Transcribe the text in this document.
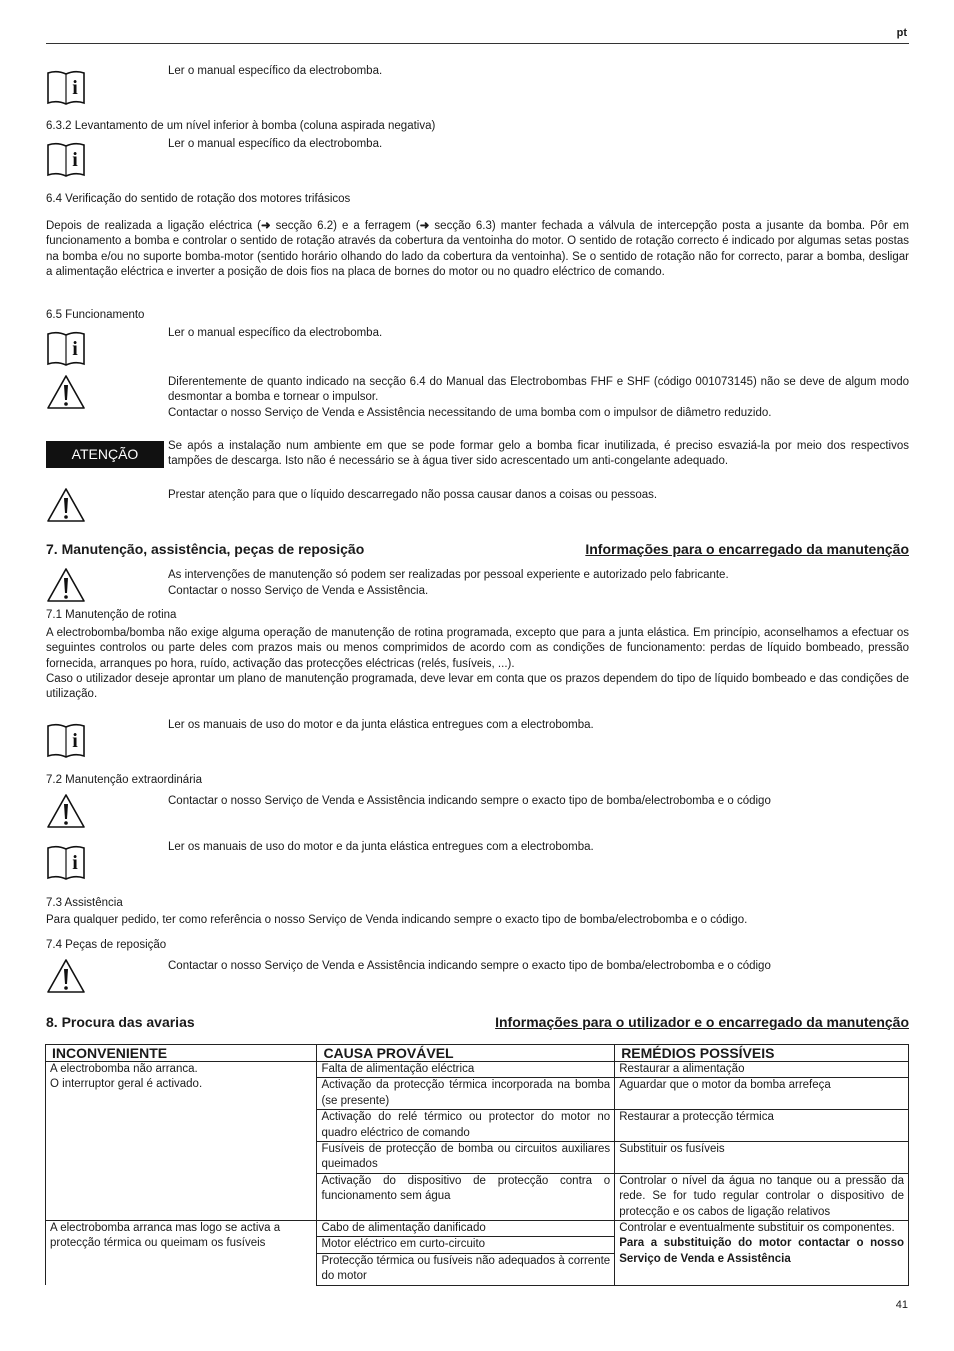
pt
i
Ler o manual específico da electrobomba.
6.3.2 Levantamento de um nível inferior à bomba (coluna aspirada negativa)
i
Ler o manual específico da electrobomba.
6.4 Verificação do sentido de rotação dos motores trifásicos
Depois de realizada a ligação eléctrica (➜ secção 6.2) e a ferragem (➜ secção 6.3) manter fechada a válvula de intercepção posta a jusante da bomba. Pôr em funcionamento a bomba e controlar o sentido de rotação através da cobertura da ventoinha do motor. O sentido de rotação correcto é indicado por algumas setas postas na bomba e/ou no suporte bomba-motor (sentido horário olhando do lado da cobertura da ventoinha). Se o sentido de rotação não for correcto, parar a bomba, desligar a alimentação eléctrica e inverter a posição de dois fios na placa de bornes do motor ou no quadro eléctrico de comando.
6.5 Funcionamento
i
Ler o manual específico da electrobomba.
Diferentemente de quanto indicado na secção 6.4 do Manual das Electrobombas FHF e SHF (código 001073145) não se deve de algum modo desmontar a bomba e tornear o impulsor.
Contactar o nosso Serviço de Venda e Assistência necessitando de uma bomba com o impulsor de diâmetro reduzido.
ATENÇÃO	Se após a instalação num ambiente em que se pode formar gelo a bomba ficar inutilizada, é preciso esvaziá-la por meio dos respectivos tampões de descarga. Isto não é necessário se à água tiver sido acrescentado um anti-congelante adequado.
Prestar atenção para que o líquido descarregado não possa causar danos a coisas ou pessoas.
7. Manutenção, assistência, peças de reposição	Informações para o encarregado da manutenção
As intervenções de manutenção só podem ser realizadas por pessoal experiente e autorizado pelo fabricante.
Contactar o nosso Serviço de Venda e Assistência.
7.1 Manutenção de rotina
A electrobomba/bomba não exige alguma operação de manutenção de rotina programada, excepto que para a junta elástica. Em princípio, aconselhamos a efectuar os seguintes controlos ou parte deles com prazos mais ou menos comprimidos de acordo com as condições de funcionamento: perdas de líquido bombeado, pressão fornecida, arranques po hora, ruído, activação das protecções eléctricas (relés, fusíveis, ...).
Caso o utilizador deseje aprontar um plano de manutenção programada, deve levar em conta que os prazos dependem do tipo de líquido bombeado e das condições de utilização.
i
Ler os manuais de uso do motor e da junta elástica entregues com a electrobomba.
7.2 Manutenção extraordinária
Contactar o nosso Serviço de Venda e Assistência indicando sempre o exacto tipo de bomba/electrobomba e o código
i
Ler os manuais de uso do motor e da junta elástica entregues com a electrobomba.
7.3 Assistência
Para qualquer pedido, ter como referência o nosso Serviço de Venda indicando sempre o exacto tipo de bomba/electrobomba e o código.
7.4 Peças de reposição
Contactar o nosso Serviço de Venda e Assistência indicando sempre o exacto tipo de bomba/electrobomba e o código
8. Procura das avarias	Informações para o utilizador e o encarregado da manutenção
INCONVENIENTE	CAUSA PROVÁVEL	REMÉDIOS POSSÍVEIS

A electrobomba não arranca.
O interruptor geral é activado.	Falta de alimentação eléctrica	Restaurar a alimentação
	Activação da protecção térmica incorporada na bomba (se presente)	Aguardar que o motor da bomba arrefeça
	Activação do relé térmico ou protector do motor no quadro eléctrico de comando	Restaurar a protecção térmica
	Fusíveis de protecção de bomba ou circuitos auxiliares queimados	Substituir os fusíveis
	Activação do dispositivo de protecção contra o funcionamento sem água	Controlar o nível da água no tanque ou a pressão da rede. Se for tudo regular controlar o dispositivo de protecção e os cabos de ligação relativos
A electrobomba arranca mas logo se activa a protecção térmica ou queimam os fusíveis	Cabo de alimentação danificado	Controlar e eventualmente substituir os componentes.
Para a substituição do motor contactar o nosso Serviço de Venda e Assistência

	Motor eléctrico em curto-circuito	
	Protecção térmica ou fusíveis não adequados à corrente do motor	
41
